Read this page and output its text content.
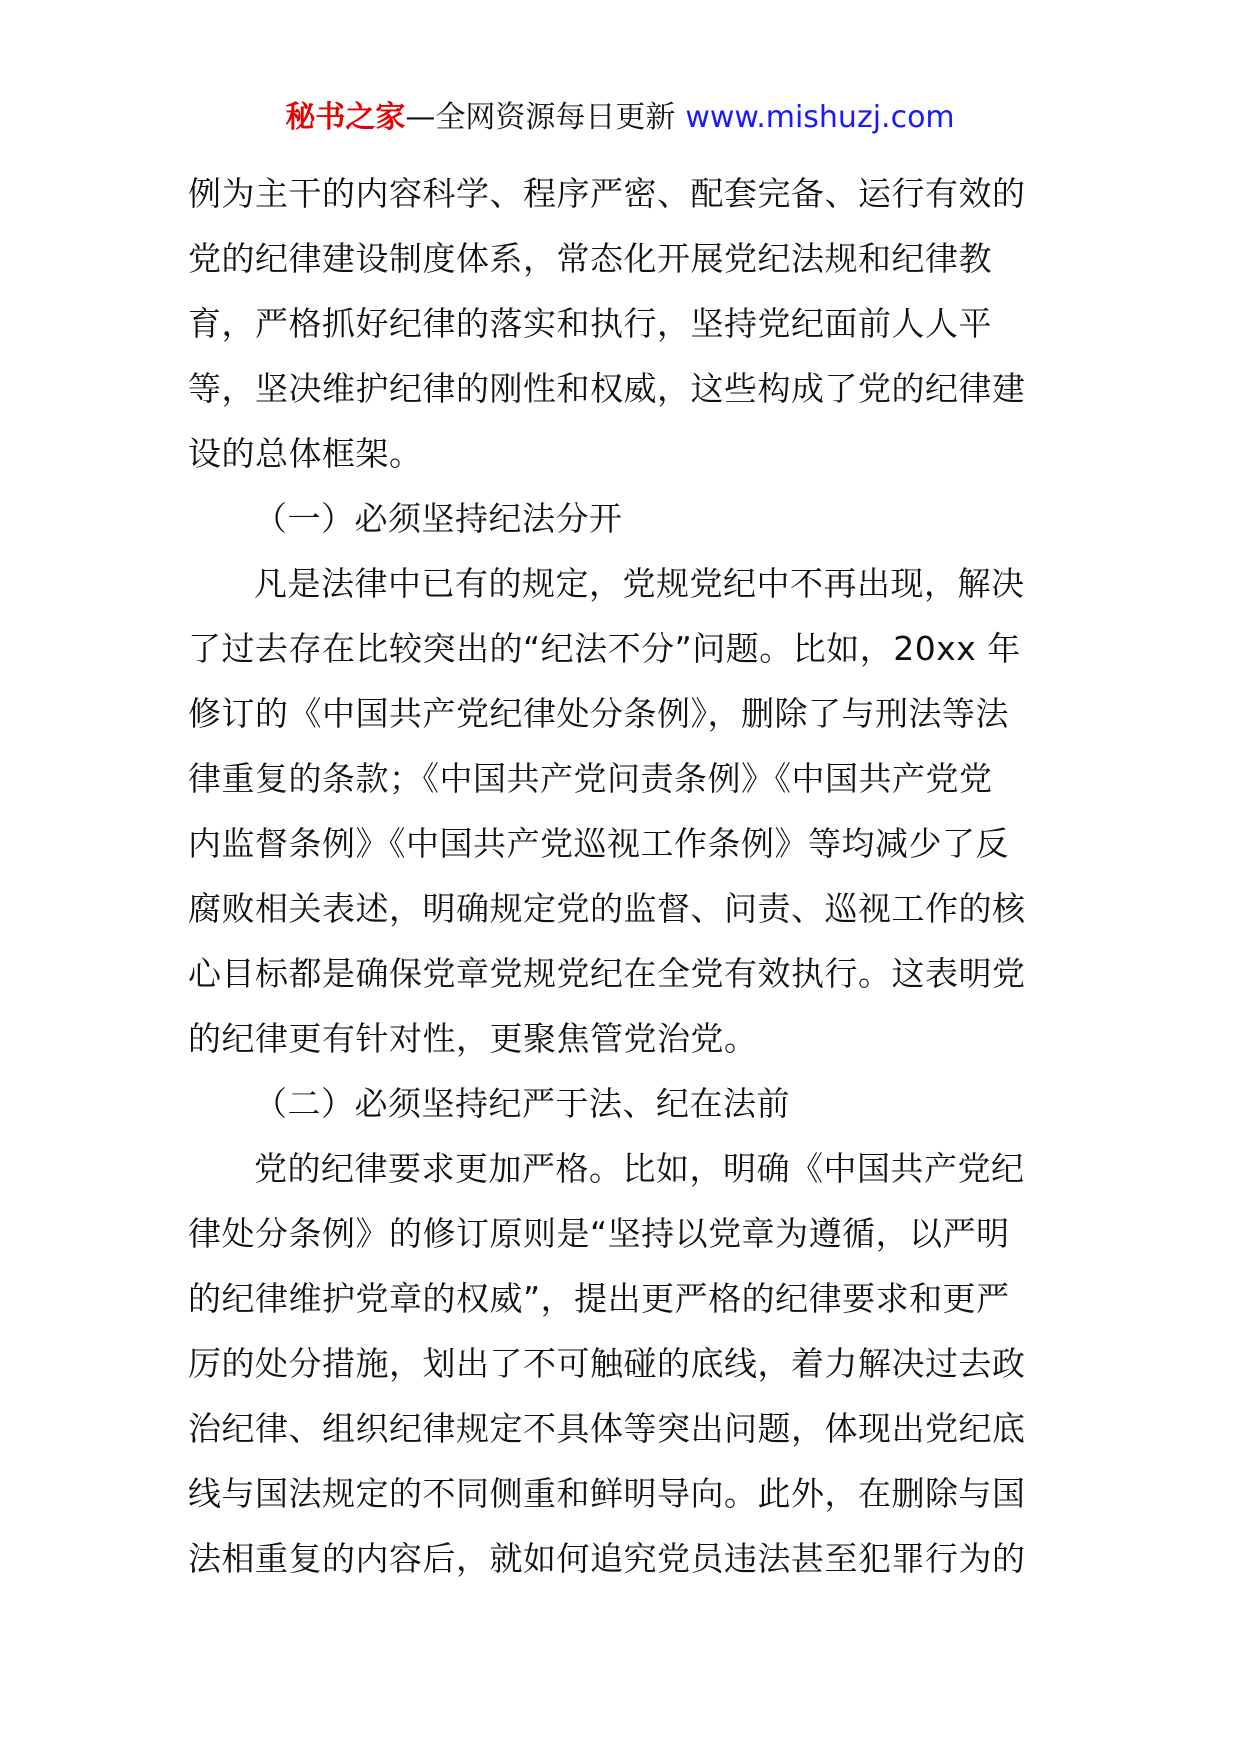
秘书之家—全网资源每日更新 www.mishuzj.com
例为主干的内容科学、程序严密、配套完备、运行有效的
党的纪律建设制度体系，常态化开展党纪法规和纪律教
育，严格抓好纪律的落实和执行，坚持党纪面前人人平
等，坚决维护纪律的刚性和权威，这些构成了党的纪律建
设的总体框架。
（一）必须坚持纪法分开
凡是法律中已有的规定，党规党纪中不再出现，解决
了过去存在比较突出的“纪法不分”问题。比如，20xx 年
修订的《中国共产党纪律处分条例》，删除了与刑法等法
律重复的条款；《中国共产党问责条例》《中国共产党党
内监督条例》《中国共产党巡视工作条例》等均减少了反
腐败相关表述，明确规定党的监督、问责、巡视工作的核
心目标都是确保党章党规党纪在全党有效执行。这表明党
的纪律更有针对性，更聚焦管党治党。
（二）必须坚持纪严于法、纪在法前
党的纪律要求更加严格。比如，明确《中国共产党纪
律处分条例》的修订原则是“坚持以党章为遵循，以严明
的纪律维护党章的权威”，提出更严格的纪律要求和更严
厉的处分措施，划出了不可触碰的底线，着力解决过去政
治纪律、组织纪律规定不具体等突出问题，体现出党纪底
线与国法规定的不同侧重和鲜明导向。此外，在删除与国
法相重复的内容后，就如何追究党员违法甚至犯罪行为的
